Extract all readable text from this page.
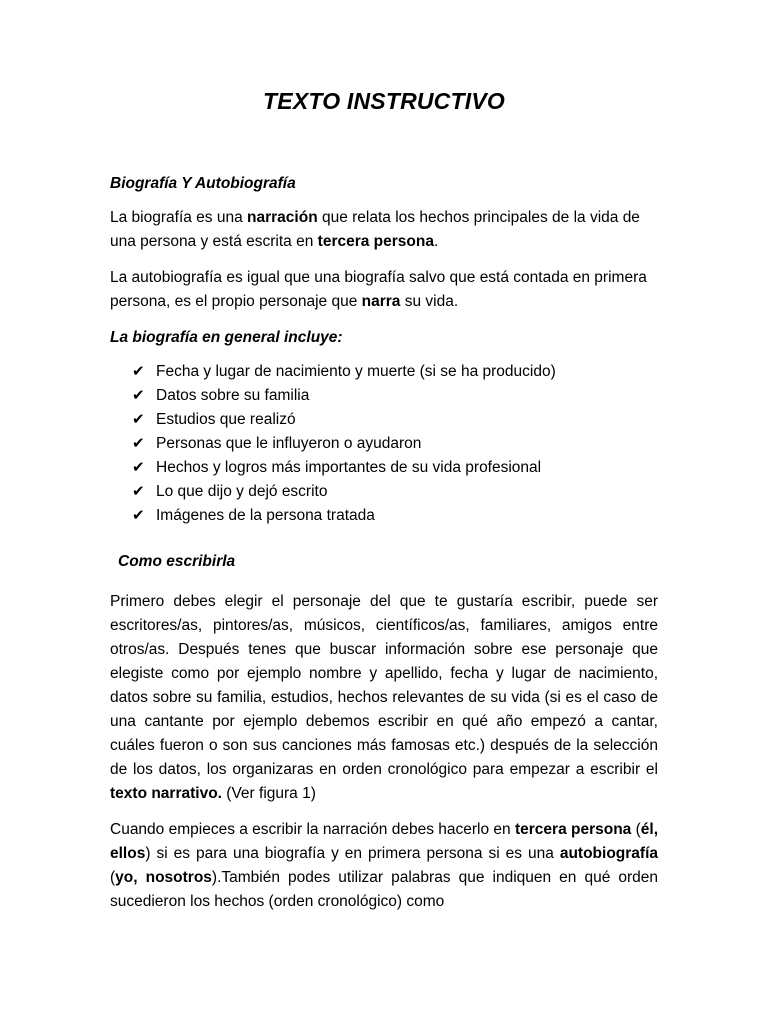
TEXTO INSTRUCTIVO
Biografía Y Autobiografía

La biografía es una narración que relata los hechos principales de la vida de una persona y está escrita en tercera persona.

La autobiografía es igual que una biografía salvo que está contada en primera persona, es el propio personaje que narra su vida.

La biografía en general incluye:
✔ Fecha y lugar de nacimiento y muerte (si se ha producido)
✔ Datos sobre su familia
✔ Estudios que realizó
✔ Personas que le influyeron o ayudaron
✔ Hechos y logros más importantes de su vida profesional
✔ Lo que dijo y dejó escrito
✔ Imágenes de la persona tratada
Como escribirla

Primero debes elegir el personaje del que te gustaría escribir, puede ser escritores/as, pintores/as, músicos, científicos/as, familiares, amigos entre otros/as. Después tenes que buscar información sobre ese personaje que elegiste como por ejemplo nombre y apellido, fecha y lugar de nacimiento, datos sobre su familia, estudios, hechos relevantes de su vida (si es el caso de una cantante por ejemplo debemos escribir en qué año empezó a cantar, cuáles fueron o son sus canciones más famosas etc.) después de la selección de los datos, los organizaras en orden cronológico para empezar a escribir el texto narrativo. (Ver figura 1)

Cuando empieces a escribir la narración debes hacerlo en tercera persona (él, ellos) si es para una biografía y en primera persona si es una autobiografía (yo, nosotros).También podes utilizar palabras que indiquen en qué orden sucedieron los hechos (orden cronológico) como
